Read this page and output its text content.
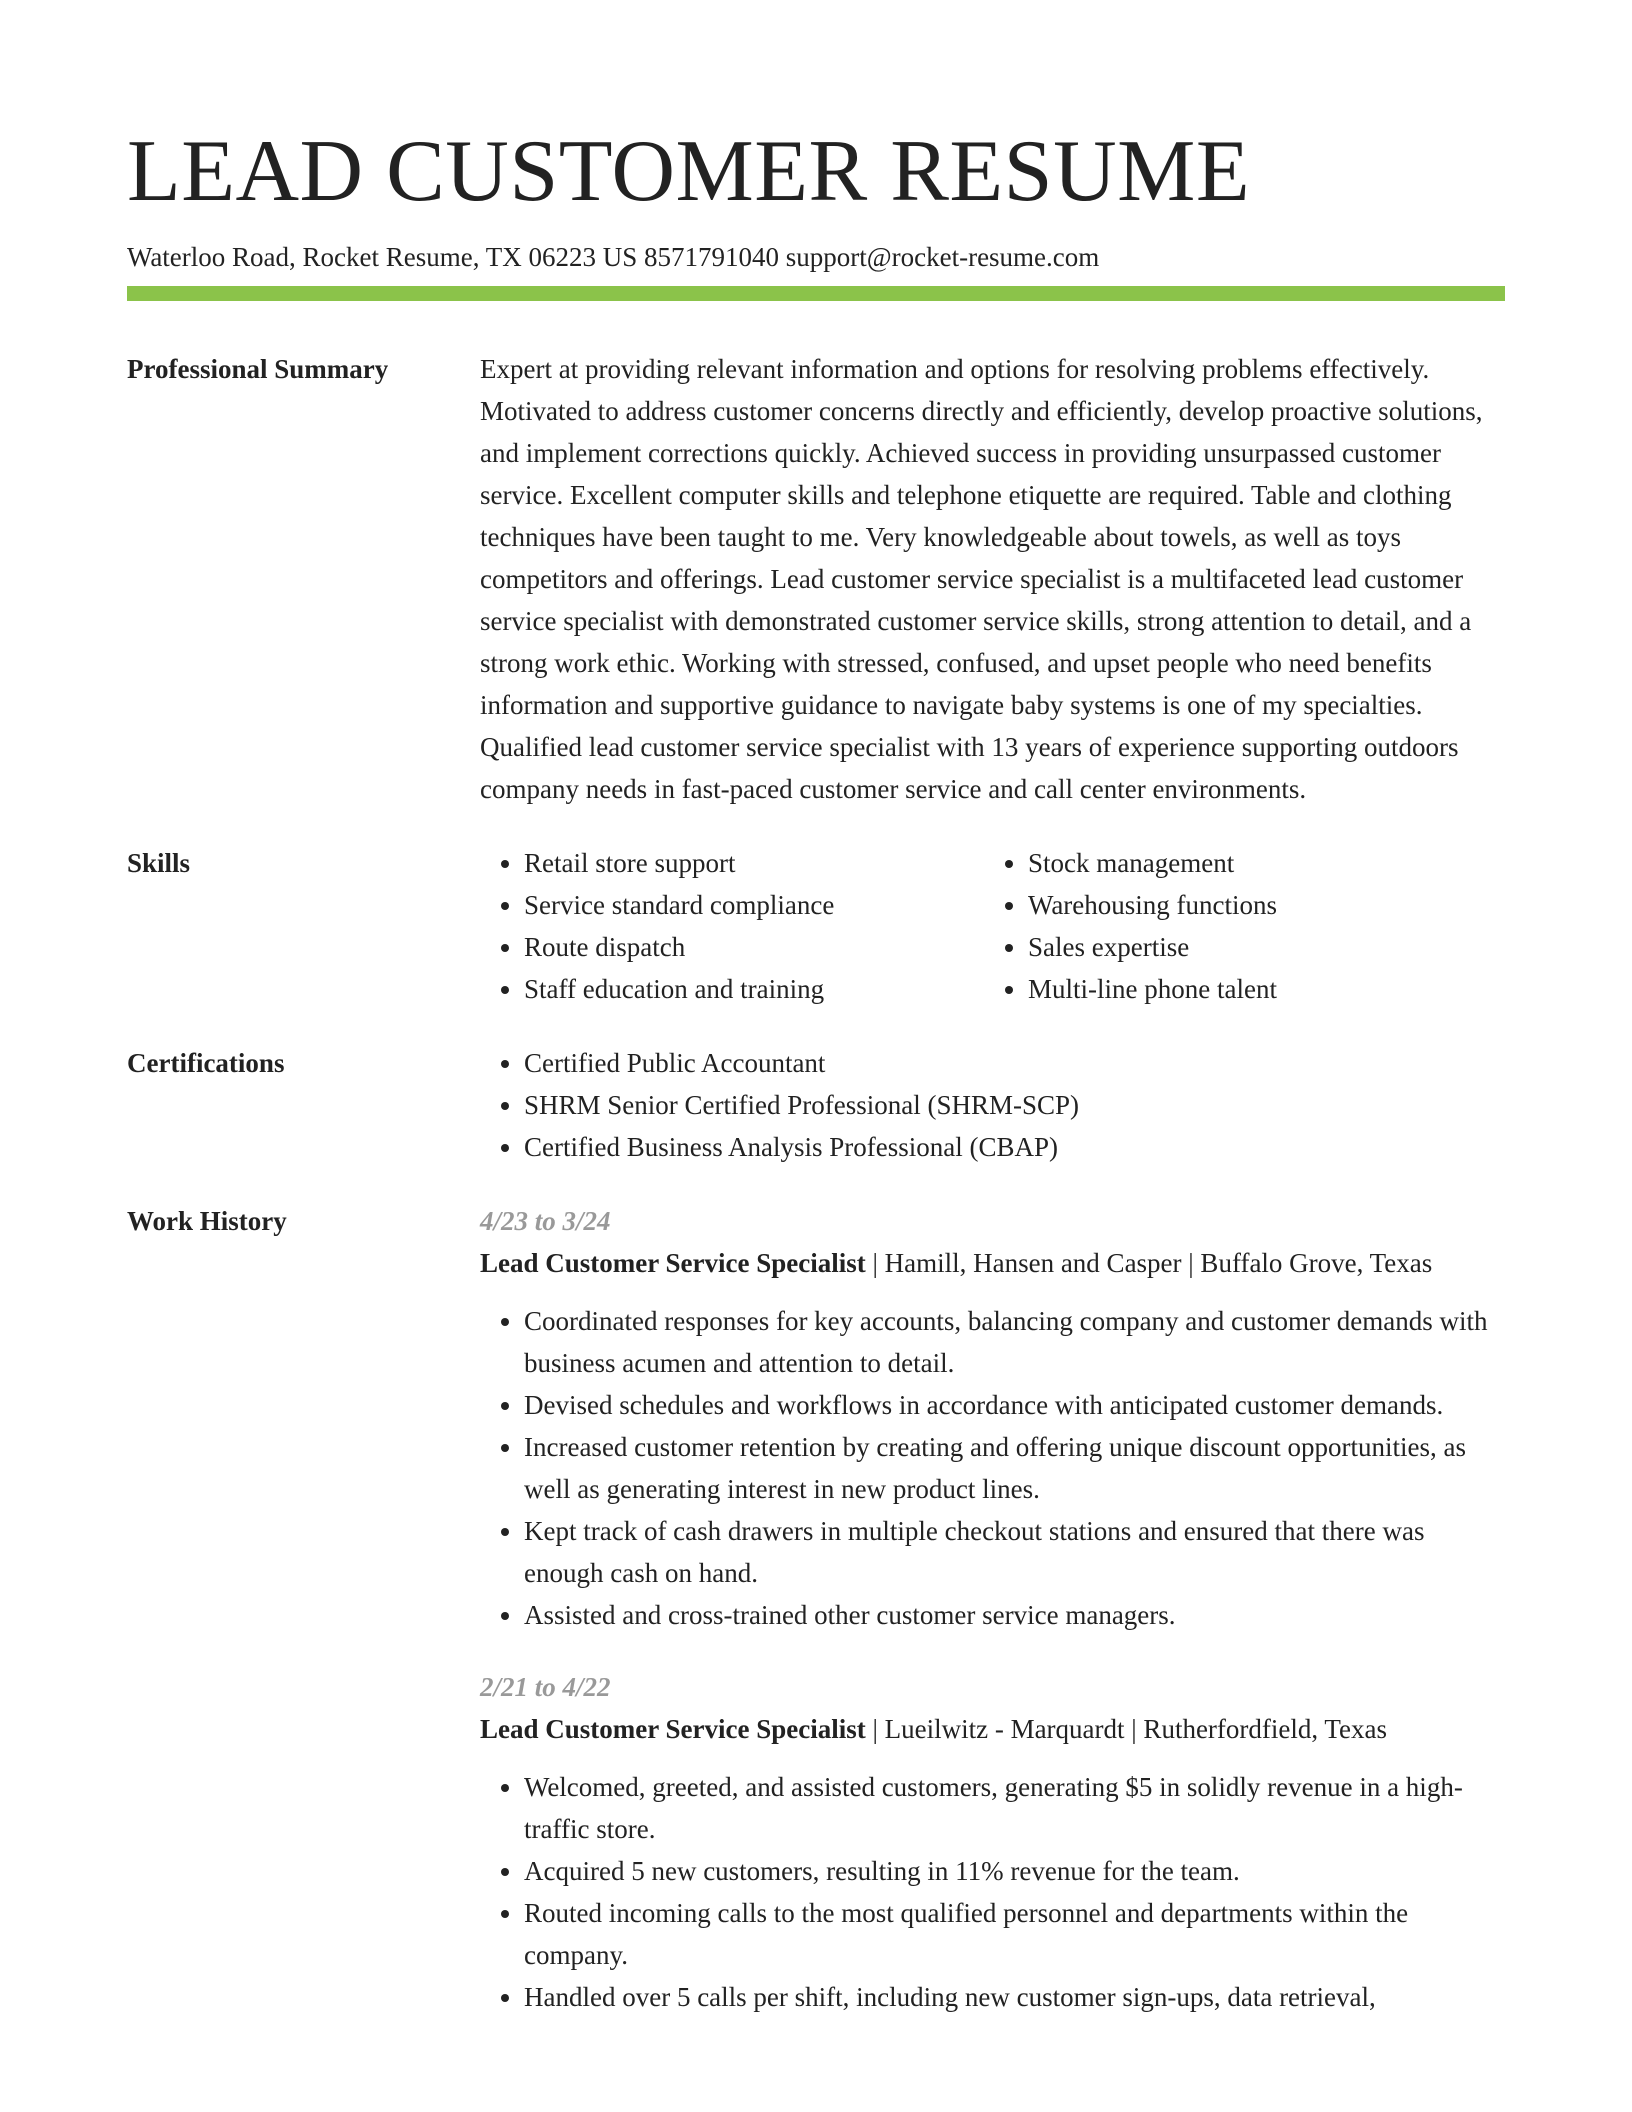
LEAD CUSTOMER RESUME
Waterloo Road, Rocket Resume, TX 06223 US 8571791040 support@rocket-resume.com
Professional Summary	Expert at providing relevant information and options for resolving problems effectively. Motivated to address customer concerns directly and efficiently, develop proactive solutions, and implement corrections quickly. Achieved success in providing unsurpassed customer service. Excellent computer skills and telephone etiquette are required. Table and clothing techniques have been taught to me. Very knowledgeable about towels, as well as toys competitors and offerings. Lead customer service specialist is a multifaceted lead customer service specialist with demonstrated customer service skills, strong attention to detail, and a strong work ethic. Working with stressed, confused, and upset people who need benefits information and supportive guidance to navigate baby systems is one of my specialties. Qualified lead customer service specialist with 13 years of experience supporting outdoors company needs in fast-paced customer service and call center environments.

Skills	• Retail store support
• Service standard compliance
• Route dispatch
• Staff education and training
• Stock management
• Warehousing functions
• Sales expertise
• Multi-line phone talent
Certifications	• Certified Public Accountant
• SHRM Senior Certified Professional (SHRM-SCP)
• Certified Business Analysis Professional (CBAP)
Work History	4/23 to 3/24
Lead Customer Service Specialist | Hamill, Hansen and Casper | Buffalo Grove, Texas
• Coordinated responses for key accounts, balancing company and customer demands with business acumen and attention to detail.
• Devised schedules and workflows in accordance with anticipated customer demands.
• Increased customer retention by creating and offering unique discount opportunities, as well as generating interest in new product lines.
• Kept track of cash drawers in multiple checkout stations and ensured that there was enough cash on hand.
• Assisted and cross-trained other customer service managers.
2/21 to 4/22
Lead Customer Service Specialist | Lueilwitz - Marquardt | Rutherfordfield, Texas
• Welcomed, greeted, and assisted customers, generating $5 in solidly revenue in a high-traffic store.
• Acquired 5 new customers, resulting in 11% revenue for the team.
• Routed incoming calls to the most qualified personnel and departments within the company.
• Handled over 5 calls per shift, including new customer sign-ups, data retrieval,
